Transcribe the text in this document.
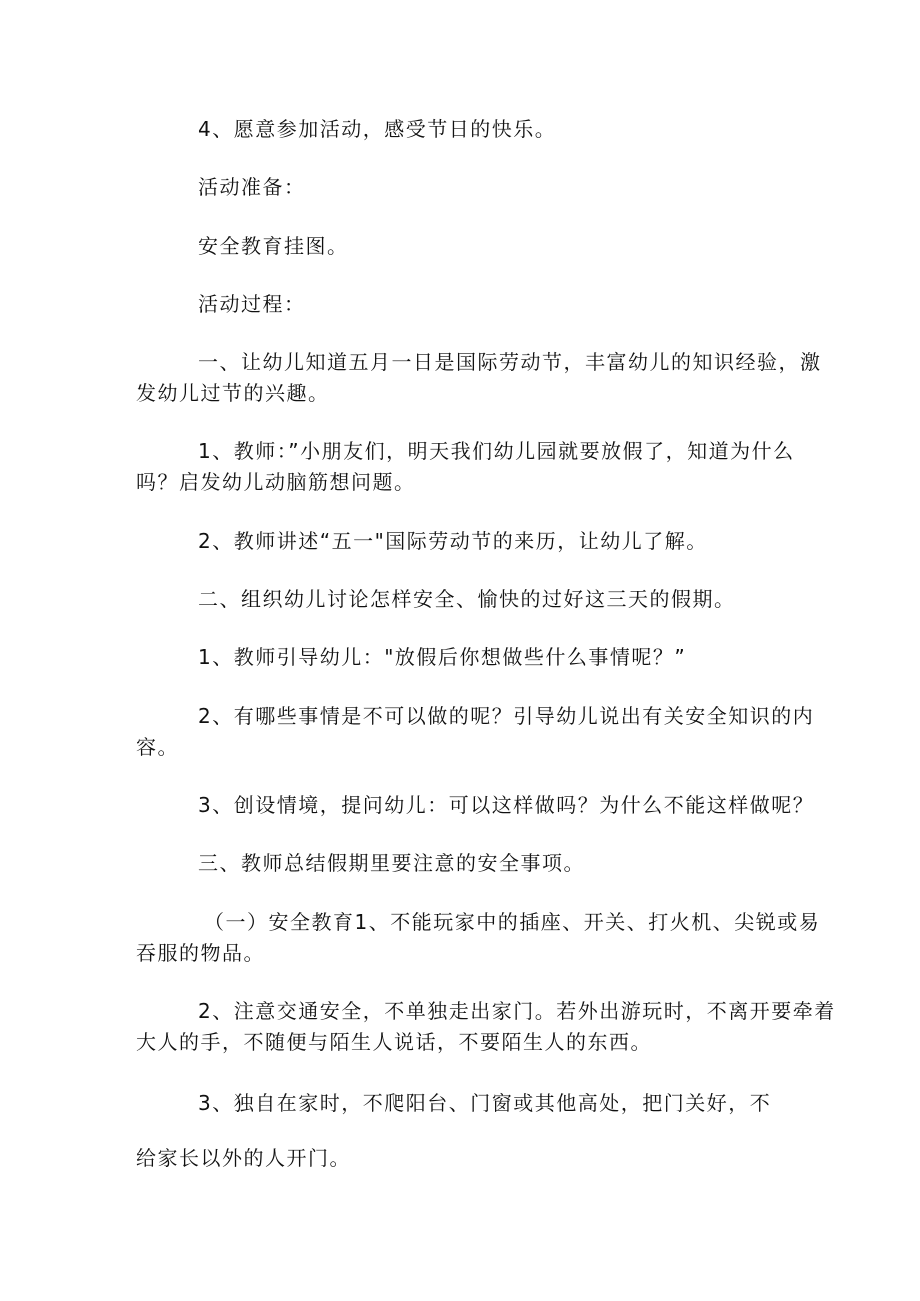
4、愿意参加活动，感受节日的快乐。
活动准备：
安全教育挂图。
活动过程：
一、让幼儿知道五月一日是国际劳动节，丰富幼儿的知识经验，激
发幼儿过节的兴趣。
1、教师：”小朋友们，明天我们幼儿园就要放假了，知道为什么
吗？启发幼儿动脑筋想问题。
2、教师讲述“五一"国际劳动节的来历，让幼儿了解。
二、组织幼儿讨论怎样安全、愉快的过好这三天的假期。
1、教师引导幼儿："放假后你想做些什么事情呢？”
2、有哪些事情是不可以做的呢？引导幼儿说出有关安全知识的内
容。
3、创设情境，提问幼儿：可以这样做吗？为什么不能这样做呢？
三、教师总结假期里要注意的安全事项。
（一）安全教育1、不能玩家中的插座、开关、打火机、尖锐或易
吞服的物品。
2、注意交通安全，不单独走出家门。若外出游玩时，不离开要牵着
大人的手，不随便与陌生人说话，不要陌生人的东西。
3、独自在家时，不爬阳台、门窗或其他高处，把门关好，不
给家长以外的人开门。
